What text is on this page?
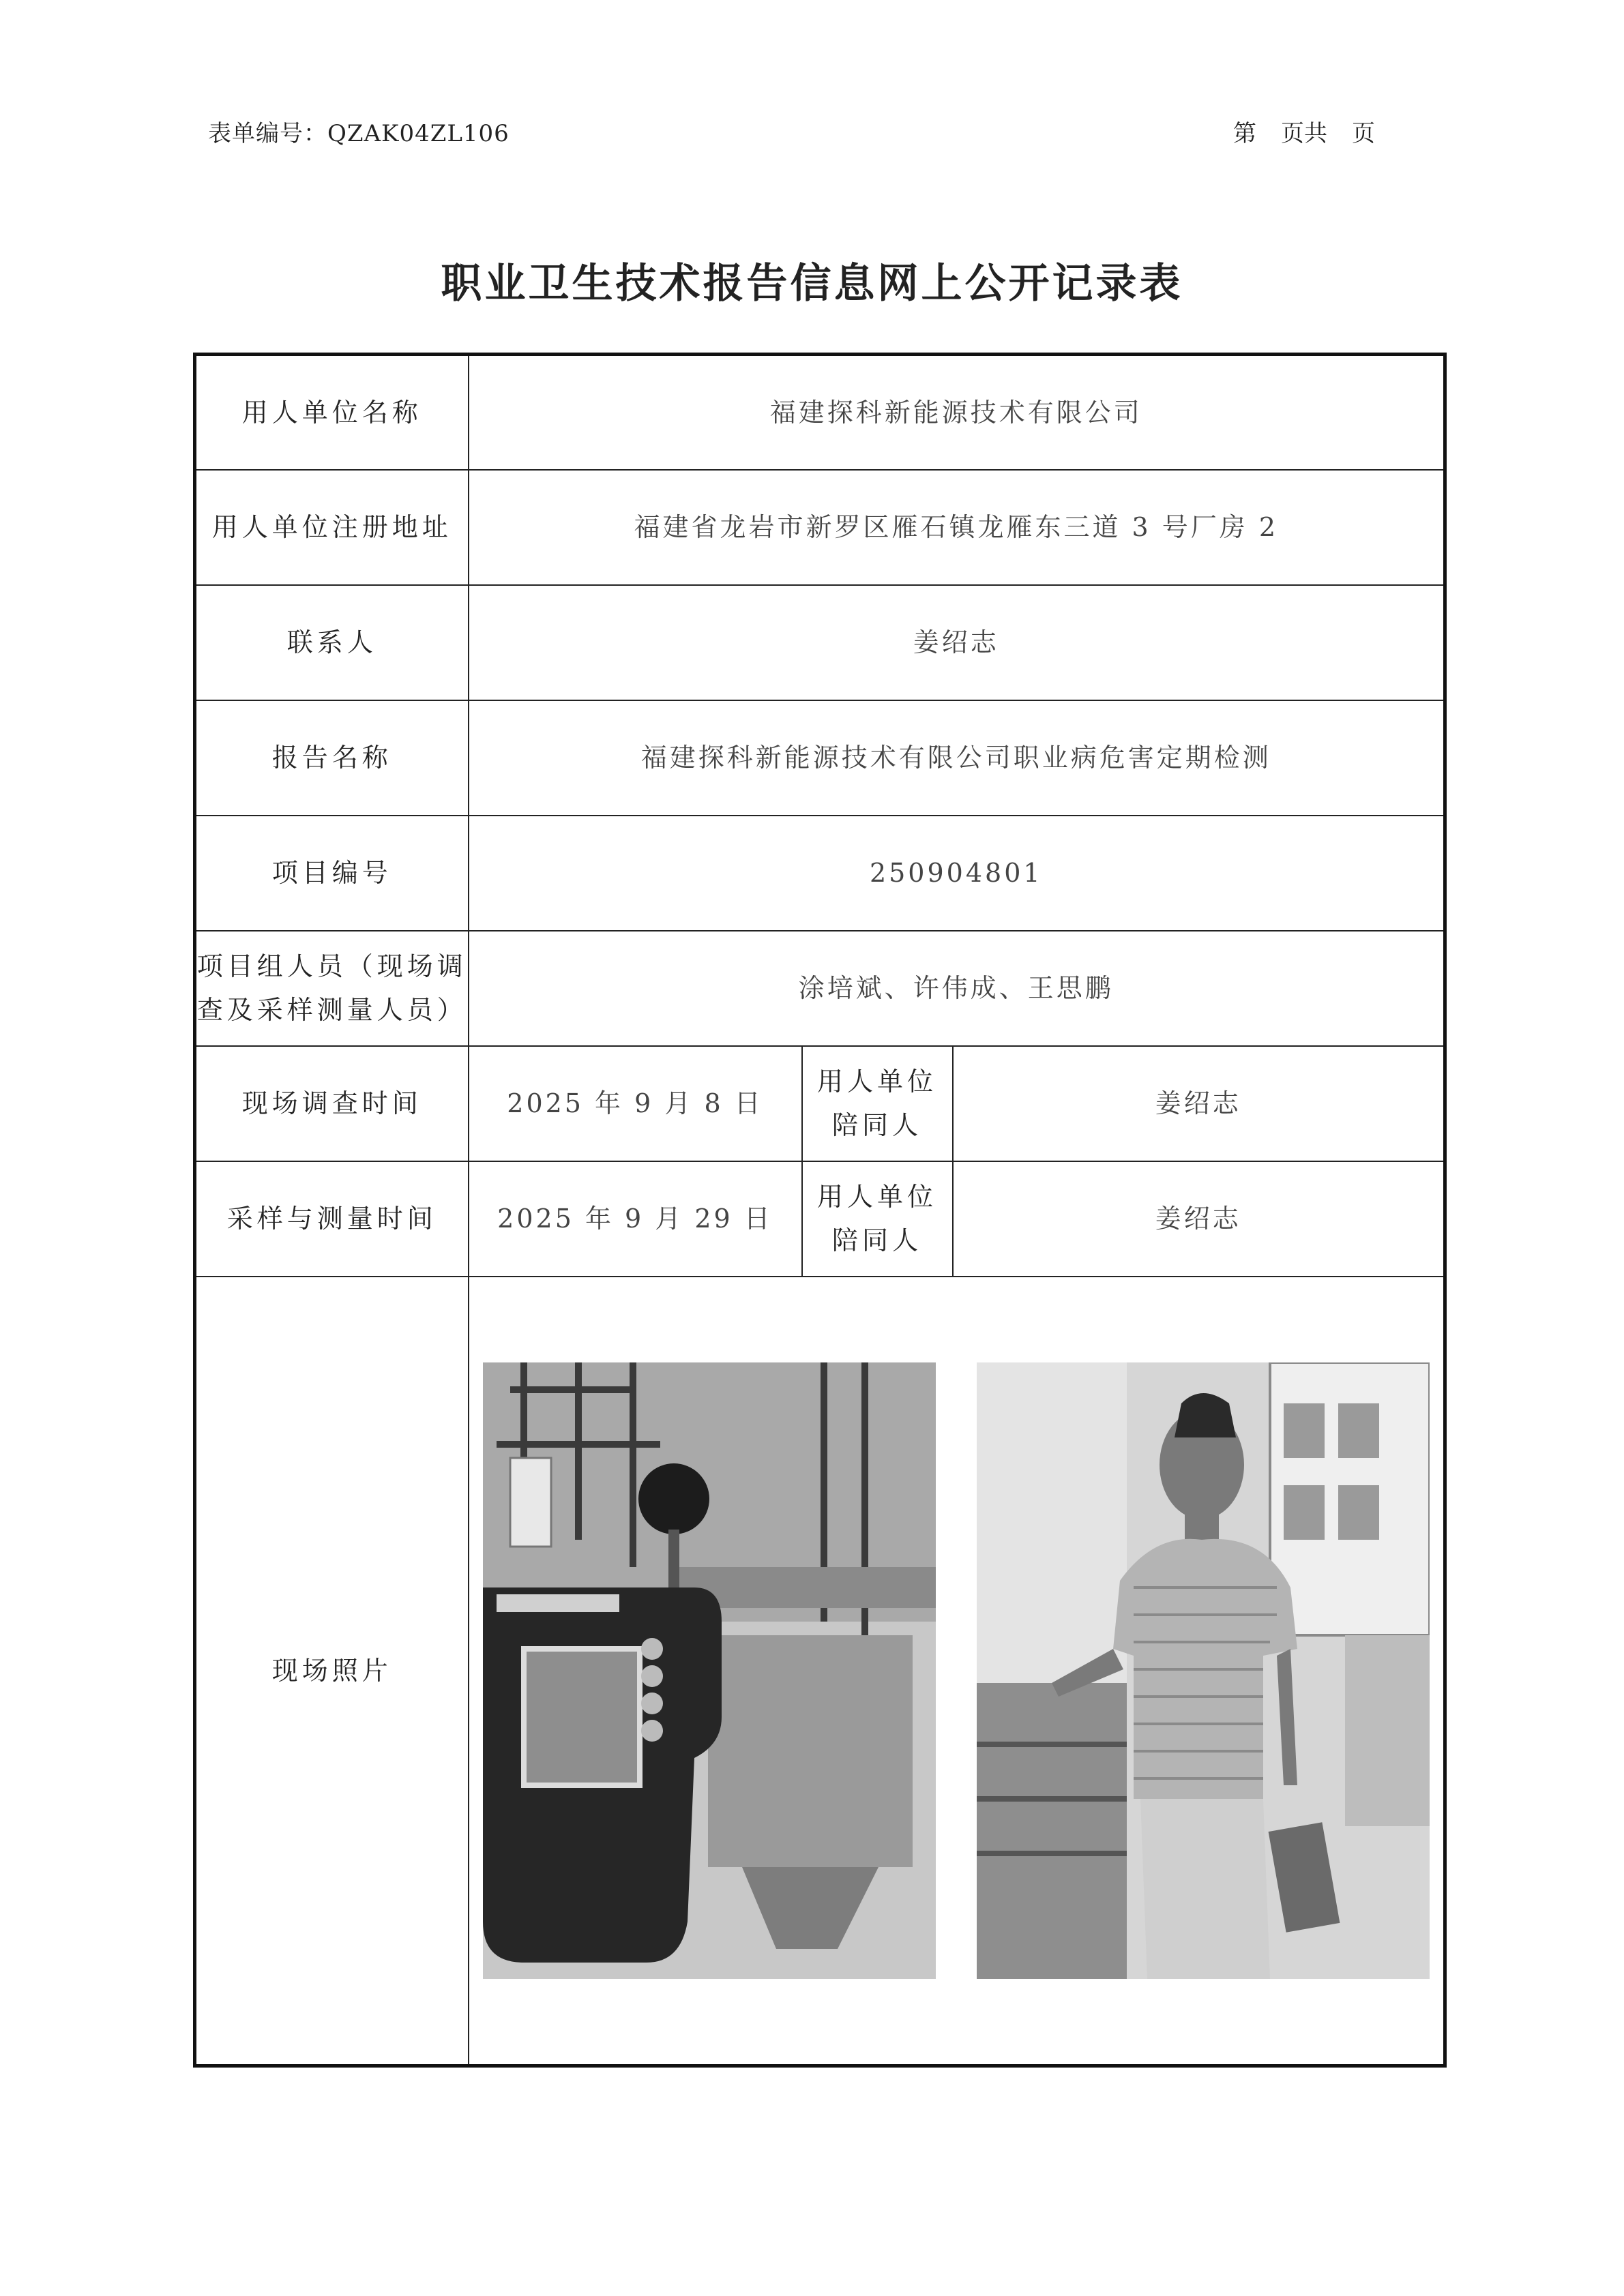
表单编号：QZAK04ZL106	第 页共 页
职业卫生技术报告信息网上公开记录表
用人单位名称	福建探科新能源技术有限公司		
用人单位注册地址	福建省龙岩市新罗区雁石镇龙雁东三道 3 号厂房 2		
联系人	姜绍志		
报告名称	福建探科新能源技术有限公司职业病危害定期检测		
项目编号	250904801		

项目组人员（现场调
查及采样测量人员）	涂培斌、许伟成、王思鹏		
现场调查时间	2025 年 9 月 8 日	用人单位
陪同人	姜绍志
采样与测量时间	2025 年 9 月 29 日	用人单位
陪同人	姜绍志
现场照片	
